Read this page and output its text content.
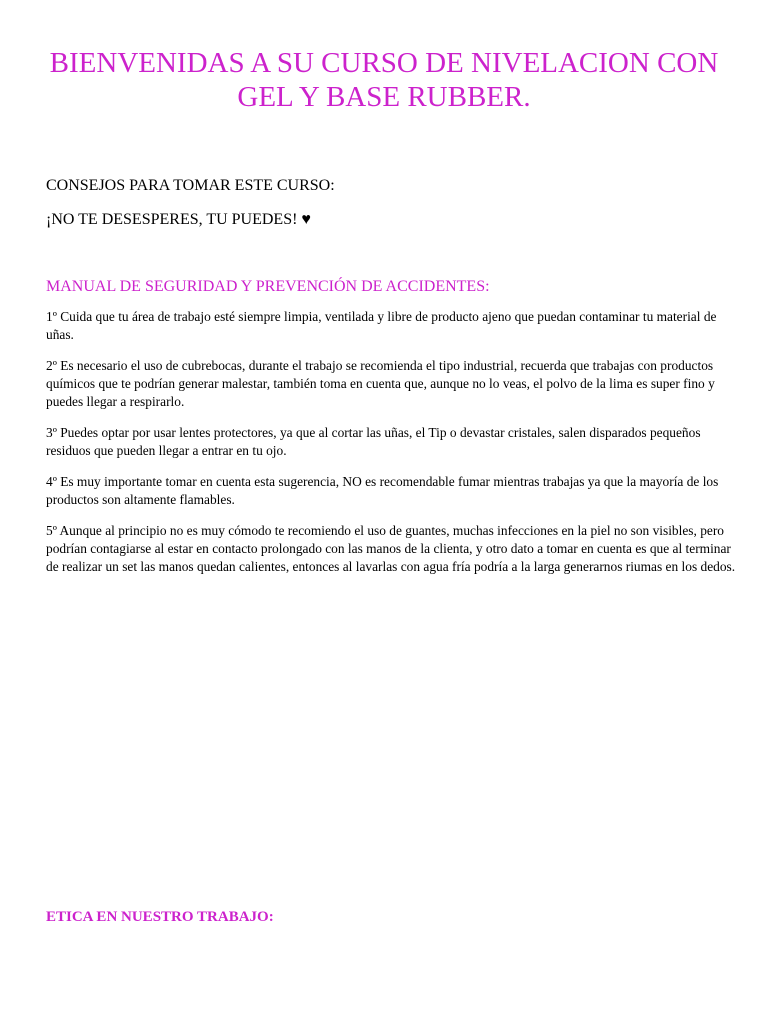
BIENVENIDAS A SU CURSO DE NIVELACION CON GEL Y BASE RUBBER.

CONSEJOS PARA TOMAR ESTE CURSO:

¡NO TE DESESPERES, TU PUEDES! ♥

MANUAL DE SEGURIDAD Y PREVENCIÓN DE ACCIDENTES:

1º Cuida que tu área de trabajo esté siempre limpia, ventilada y libre de producto ajeno que puedan contaminar tu material de uñas.
2º Es necesario el uso de cubrebocas, durante el trabajo se recomienda el tipo industrial, recuerda que trabajas con productos químicos que te podrían generar malestar, también toma en cuenta que, aunque no lo veas, el polvo de la lima es super fino y puedes llegar a respirarlo.
3º Puedes optar por usar lentes protectores, ya que al cortar las uñas, el Tip o devastar cristales, salen disparados pequeños residuos que pueden llegar a entrar en tu ojo.
4º Es muy importante tomar en cuenta esta sugerencia, NO es recomendable fumar mientras trabajas ya que la mayoría de los productos son altamente flamables.
5º Aunque al principio no es muy cómodo te recomiendo el uso de guantes, muchas infecciones en la piel no son visibles, pero podrían contagiarse al estar en contacto prolongado con las manos de la clienta, y otro dato a tomar en cuenta es que al terminar de realizar un set las manos quedan calientes, entonces al lavarlas con agua fría podría a la larga generarnos riumas en los dedos.

ETICA EN NUESTRO TRABAJO:
